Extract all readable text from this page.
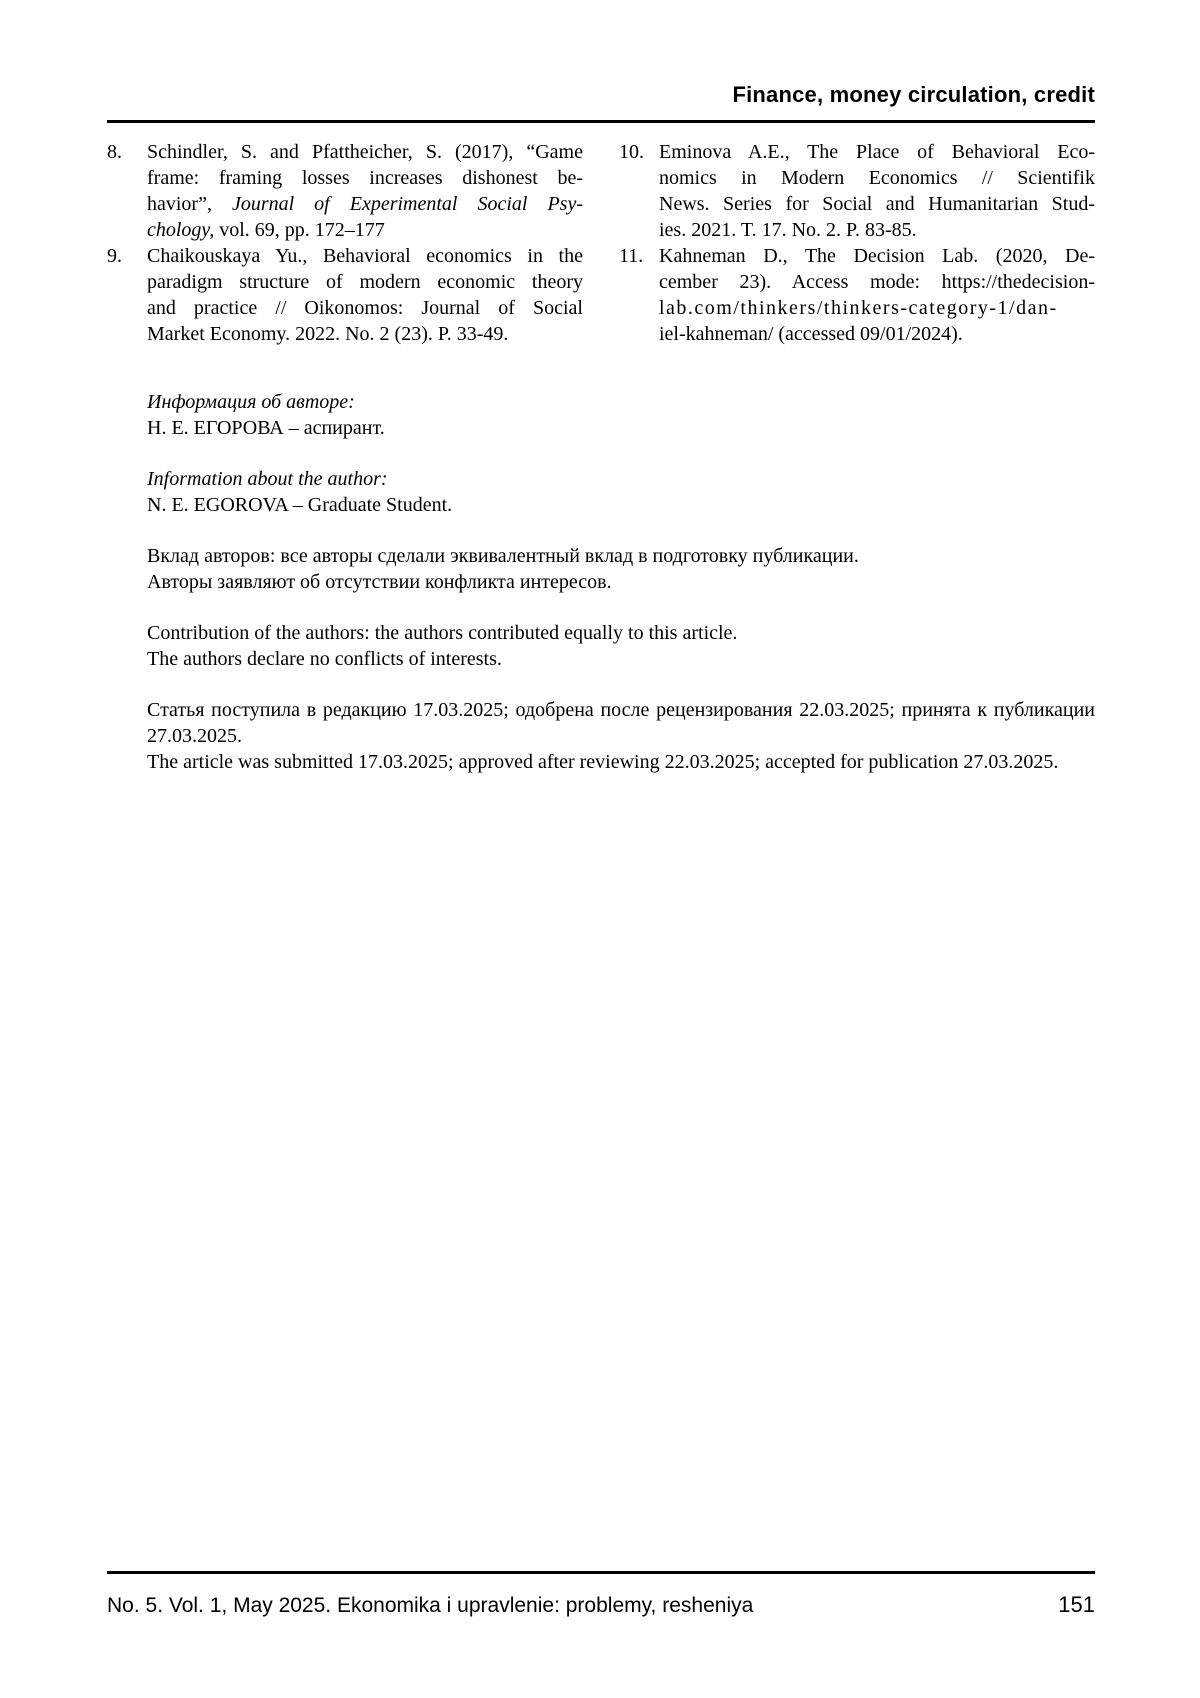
Finance, money circulation, credit
8.	Schindler, S. and Pfattheicher, S. (2017), “Game
frame: framing losses increases dishonest be-
havior”, Journal of Experimental Social Psy-
chology, vol. 69, pp. 172–177
9.	Chaikouskaya Yu., Behavioral economics in the
paradigm structure of modern economic theory
and practice // Oikonomos: Journal of Social
Market Economy. 2022. No. 2 (23). P. 33-49.
10. Eminova A.E., The Place of Behavioral Eco-
nomics in Modern Economics // Scientifik
News. Series for Social and Humanitarian Stud-
ies. 2021. T. 17. No. 2. P. 83-85.
11. Kahneman D., The Decision Lab. (2020, De-
cember 23). Access mode: https://thedecision-
lab.com/thinkers/thinkers-category-1/dan-
iel-kahneman/ (accessed 09/01/2024).
Информация об авторе:
Н. Е. ЕГОРОВА – аспирант.
Information about the author:
N. E. EGOROVA – Graduate Student.
Вклад авторов: все авторы сделали эквивалентный вклад в подготовку публикации.
Авторы заявляют об отсутствии конфликта интересов.
Contribution of the authors: the authors contributed equally to this article.
The authors declare no conflicts of interests.
Статья поступила в редакцию 17.03.2025; одобрена после рецензирования 22.03.2025; принята к публикации 27.03.2025.
The article was submitted 17.03.2025; approved after reviewing 22.03.2025; accepted for publication 27.03.2025.
No. 5. Vol. 1, May 2025. Ekonomika i upravlenie: problemy, resheniya	151
